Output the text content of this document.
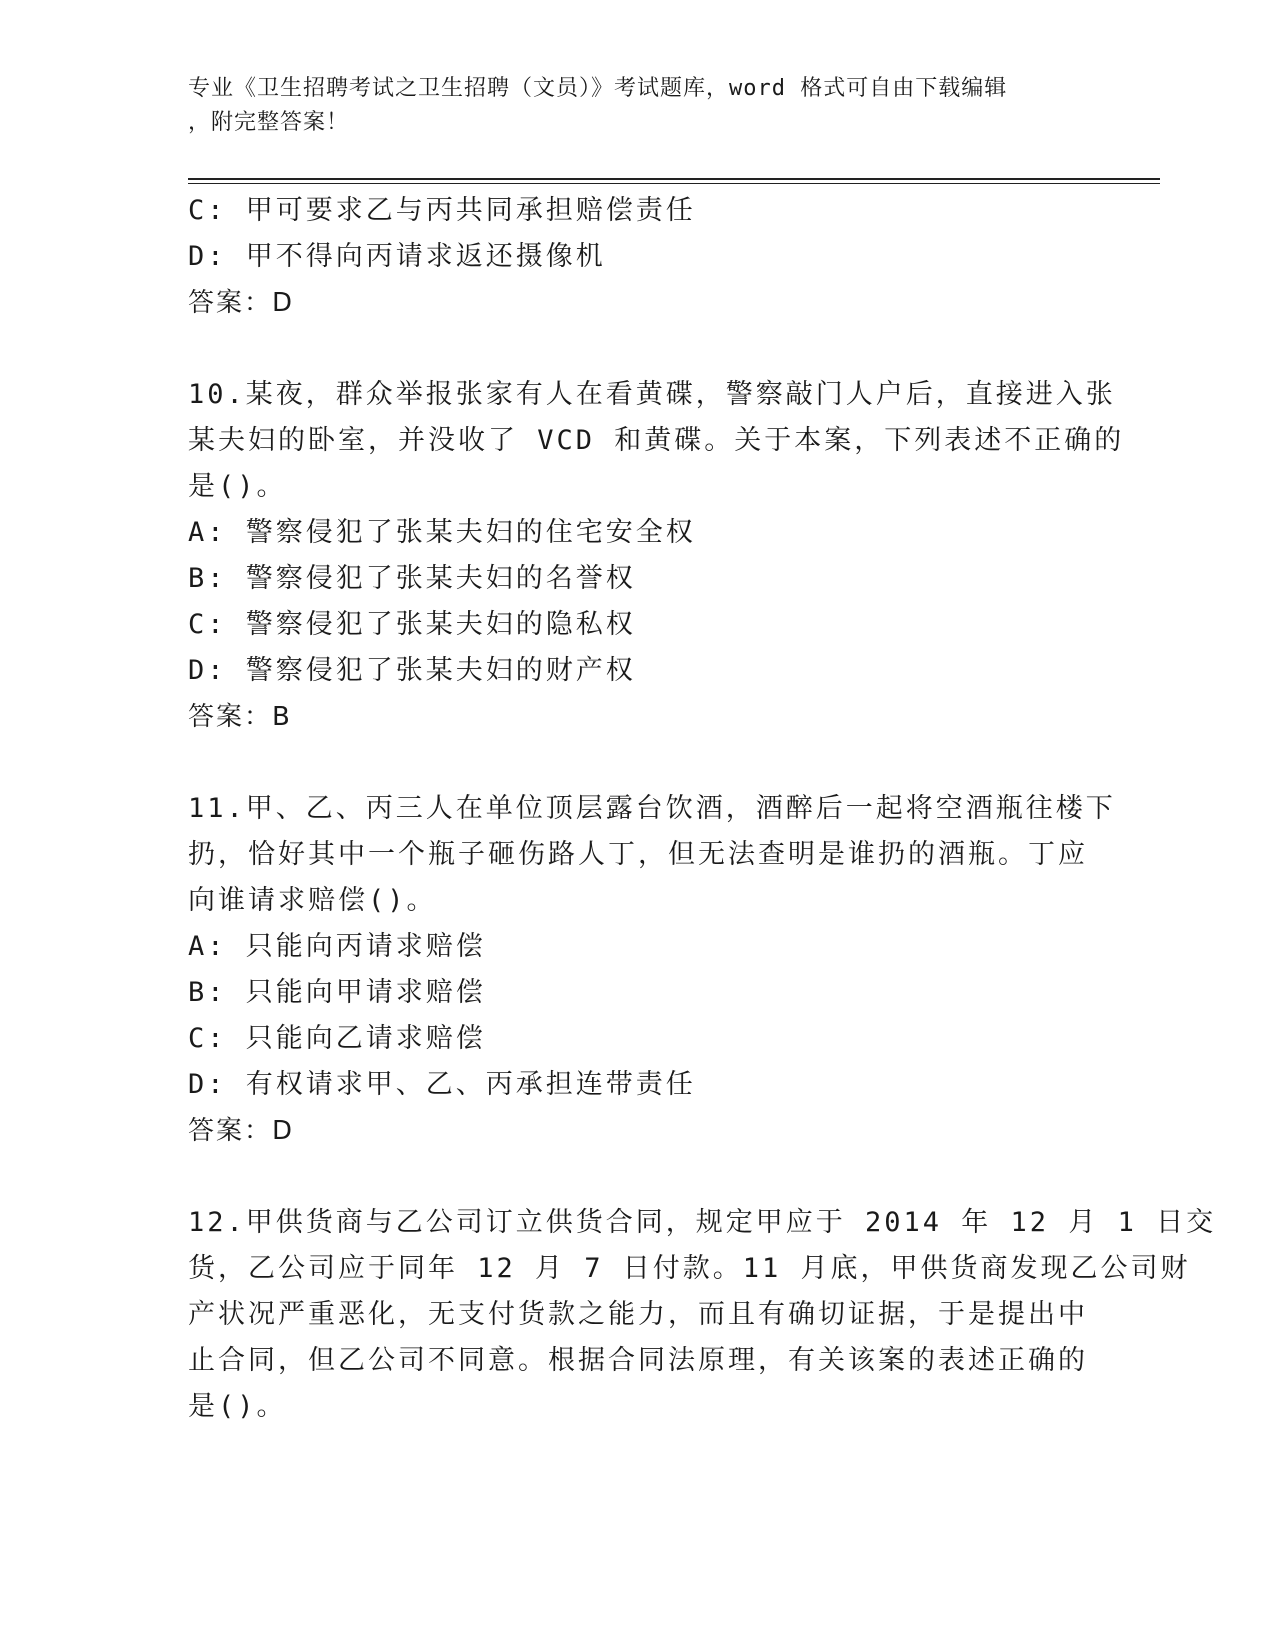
专业《卫生招聘考试之卫生招聘（文员）》考试题库，word 格式可自由下载编辑
，附完整答案！
C: 甲可要求乙与丙共同承担赔偿责任
D: 甲不得向丙请求返还摄像机
答案：D
10.某夜，群众举报张家有人在看黄碟，警察敲门人户后，直接进入张
某夫妇的卧室，并没收了 VCD 和黄碟。关于本案，下列表述不正确的
是()。
A: 警察侵犯了张某夫妇的住宅安全权
B: 警察侵犯了张某夫妇的名誉权
C: 警察侵犯了张某夫妇的隐私权
D: 警察侵犯了张某夫妇的财产权
答案：B
11.甲、乙、丙三人在单位顶层露台饮酒，酒醉后一起将空酒瓶往楼下
扔，恰好其中一个瓶子砸伤路人丁，但无法查明是谁扔的酒瓶。丁应
向谁请求赔偿()。
A: 只能向丙请求赔偿
B: 只能向甲请求赔偿
C: 只能向乙请求赔偿
D: 有权请求甲、乙、丙承担连带责任
答案：D
12.甲供货商与乙公司订立供货合同，规定甲应于 2014 年 12 月 1 日交
货，乙公司应于同年 12 月 7 日付款。11 月底，甲供货商发现乙公司财
产状况严重恶化，无支付货款之能力，而且有确切证据，于是提出中
止合同，但乙公司不同意。根据合同法原理，有关该案的表述正确的
是()。
